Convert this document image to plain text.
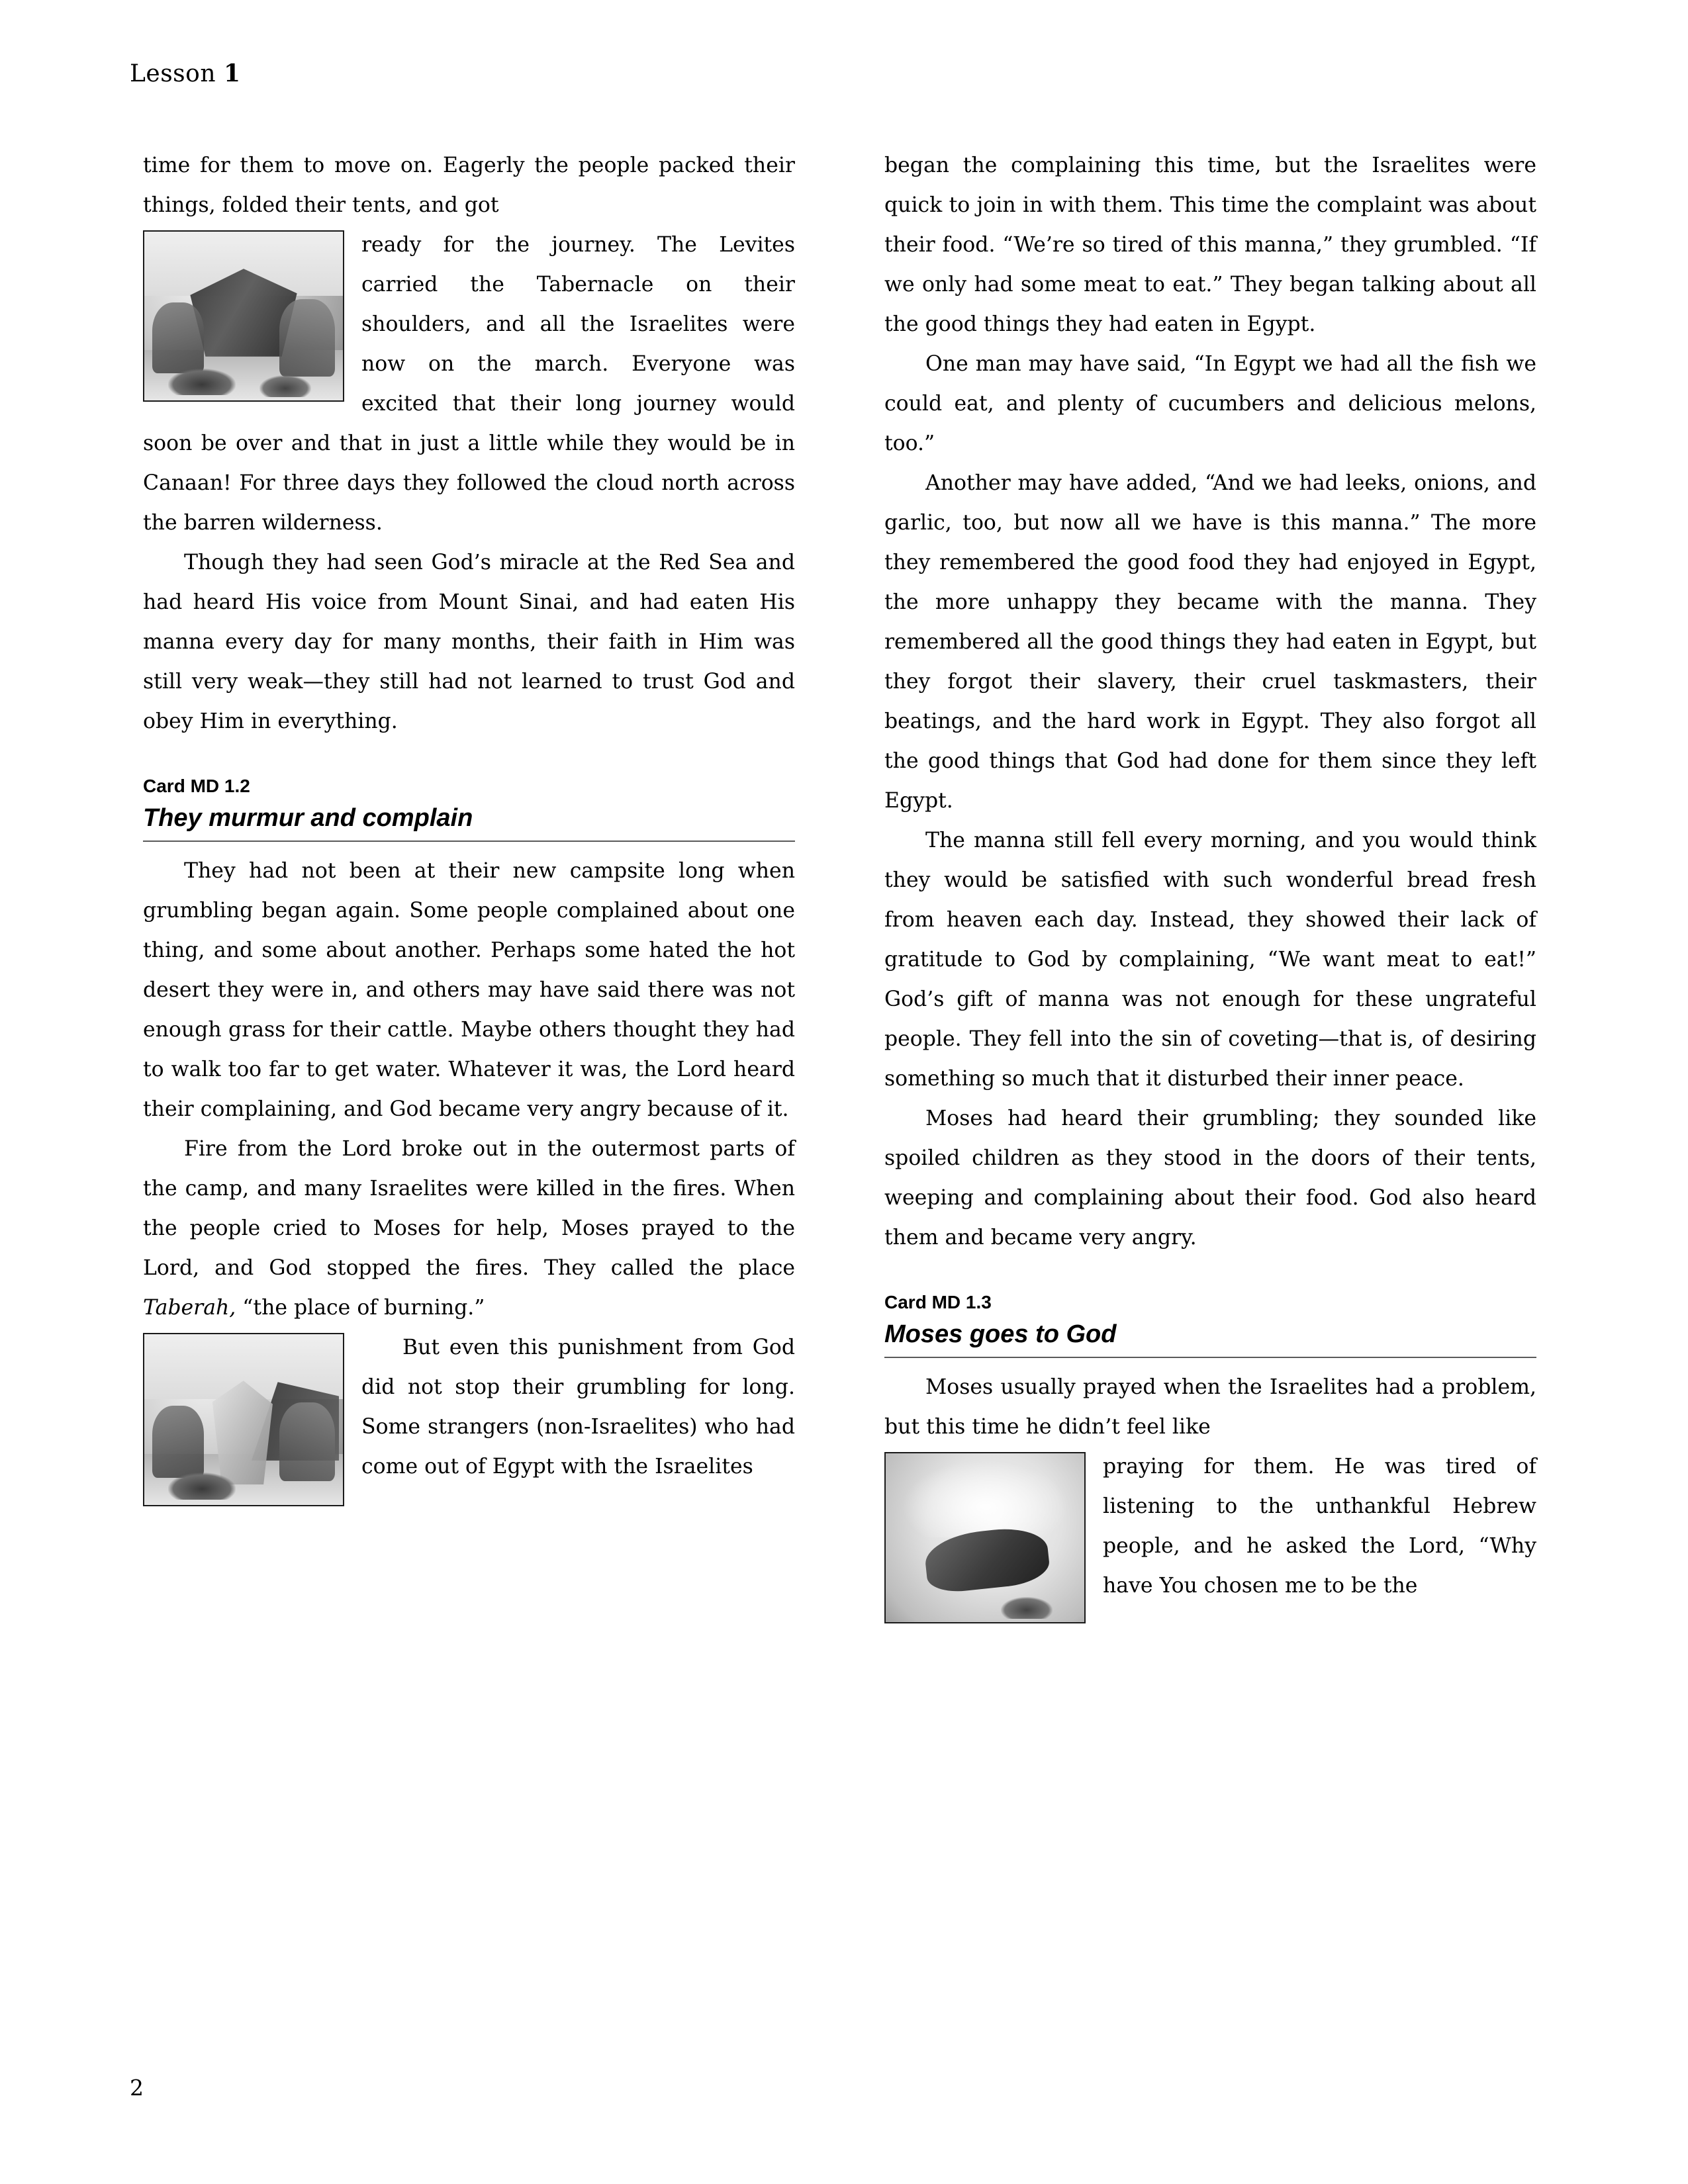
Lesson 1

time for them to move on. Eagerly the people packed their things, folded their tents, and got

ready for the journey. The Levites carried the Tabernacle on their shoulders, and all the Israelites were now on the march. Everyone was excited that their long journey would soon be over and that in just a little while they would be in Canaan! For three days they followed the cloud north across the barren wilderness.

Though they had seen God’s miracle at the Red Sea and had heard His voice from Mount Sinai, and had eaten His manna every day for many months, their faith in Him was still very weak—they still had not learned to trust God and obey Him in everything.

Card MD 1.2
They murmur and complain

They had not been at their new campsite long when grumbling began again. Some people complained about one thing, and some about another. Perhaps some hated the hot desert they were in, and others may have said there was not enough grass for their cattle. Maybe others thought they had to walk too far to get water. Whatever it was, the Lord heard their complaining, and God became very angry because of it.

Fire from the Lord broke out in the outermost parts of the camp, and many Israelites were killed in the fires. When the people cried to Moses for help, Moses prayed to the Lord, and God stopped the fires. They called the place Taberah, “the place of burning.”

But even this punishment from God did not stop their grumbling for long. Some strangers (non-Israelites) who had come out of Egypt with the Israelites

began the complaining this time, but the Israelites were quick to join in with them. This time the complaint was about their food. “We’re so tired of this manna,” they grumbled. “If we only had some meat to eat.” They began talking about all the good things they had eaten in Egypt.

One man may have said, “In Egypt we had all the fish we could eat, and plenty of cucumbers and delicious melons, too.”

Another may have added, “And we had leeks, onions, and garlic, too, but now all we have is this manna.” The more they remembered the good food they had enjoyed in Egypt, the more unhappy they became with the manna. They remembered all the good things they had eaten in Egypt, but they forgot their slavery, their cruel taskmasters, their beatings, and the hard work in Egypt. They also forgot all the good things that God had done for them since they left Egypt.

The manna still fell every morning, and you would think they would be satisfied with such wonderful bread fresh from heaven each day. Instead, they showed their lack of gratitude to God by complaining, “We want meat to eat!” God’s gift of manna was not enough for these ungrateful people. They fell into the sin of coveting—that is, of desiring something so much that it disturbed their inner peace.

Moses had heard their grumbling; they sounded like spoiled children as they stood in the doors of their tents, weeping and complaining about their food. God also heard them and became very angry.

Card MD 1.3
Moses goes to God

Moses usually prayed when the Israelites had a problem, but this time he didn’t feel like

praying for them. He was tired of listening to the unthankful Hebrew people, and he asked the Lord, “Why have You chosen me to be the

2
